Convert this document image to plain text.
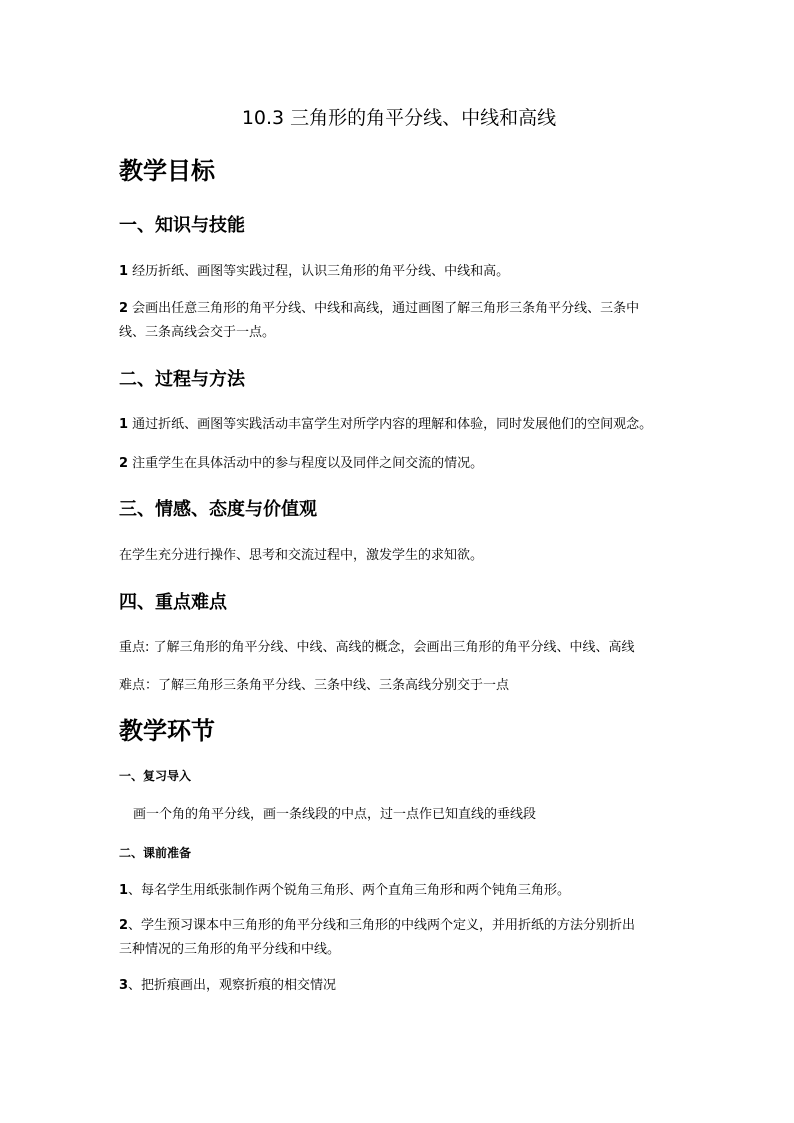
10.3 三角形的角平分线、中线和高线
教学目标
一、知识与技能
1 经历折纸、画图等实践过程，认识三角形的角平分线、中线和高。
2 会画出任意三角形的角平分线、中线和高线，通过画图了解三角形三条角平分线、三条中
线、三条高线会交于一点。
二、过程与方法
1 通过折纸、画图等实践活动丰富学生对所学内容的理解和体验，同时发展他们的空间观念。
2 注重学生在具体活动中的参与程度以及同伴之间交流的情况。
三、情感、态度与价值观
在学生充分进行操作、思考和交流过程中，激发学生的求知欲。
四、重点难点
重点: 了解三角形的角平分线、中线、高线的概念，会画出三角形的角平分线、中线、高线
难点：了解三角形三条角平分线、三条中线、三条高线分别交于一点
教学环节
一、复习导入
画一个角的角平分线，画一条线段的中点，过一点作已知直线的垂线段
二、课前准备
1、每名学生用纸张制作两个锐角三角形、两个直角三角形和两个钝角三角形。
2、学生预习课本中三角形的角平分线和三角形的中线两个定义，并用折纸的方法分别折出
三种情况的三角形的角平分线和中线。
3、把折痕画出，观察折痕的相交情况
